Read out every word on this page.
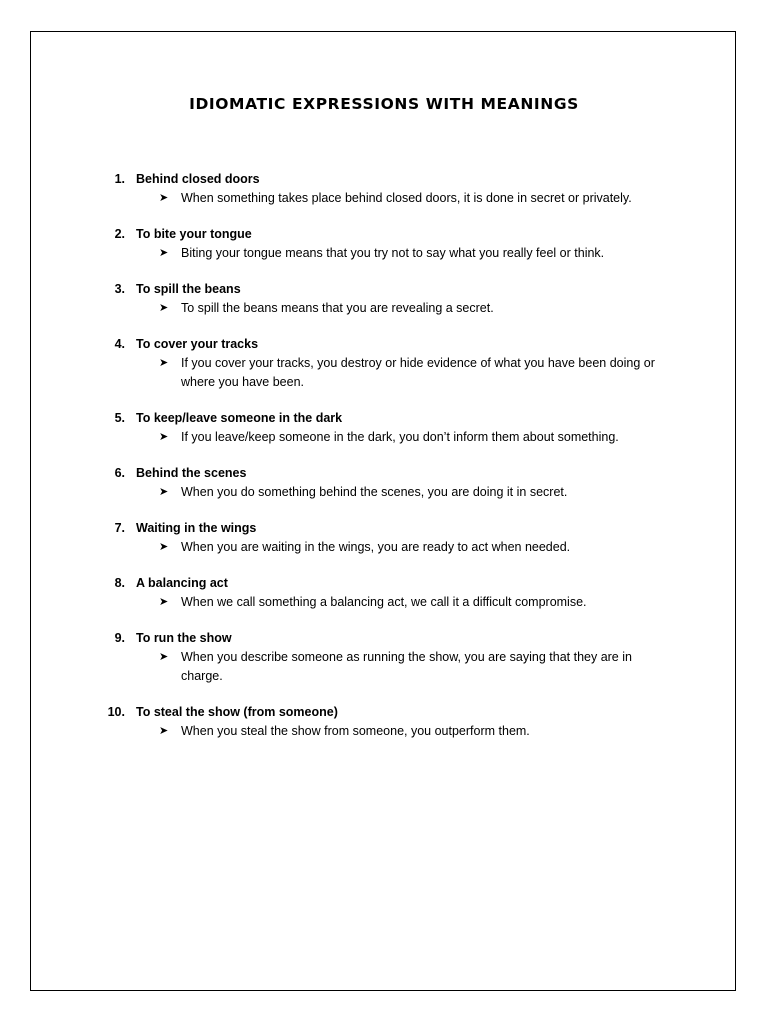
IDIOMATIC EXPRESSIONS WITH MEANINGS
1. Behind closed doors
➤ When something takes place behind closed doors, it is done in secret or privately.
2. To bite your tongue
➤ Biting your tongue means that you try not to say what you really feel or think.
3. To spill the beans
➤ To spill the beans means that you are revealing a secret.
4. To cover your tracks
➤ If you cover your tracks, you destroy or hide evidence of what you have been doing or where you have been.
5. To keep/leave someone in the dark
➤ If you leave/keep someone in the dark, you don’t inform them about something.
6. Behind the scenes
➤ When you do something behind the scenes, you are doing it in secret.
7. Waiting in the wings
➤ When you are waiting in the wings, you are ready to act when needed.
8. A balancing act
➤ When we call something a balancing act, we call it a difficult compromise.
9. To run the show
➤ When you describe someone as running the show, you are saying that they are in charge.
10. To steal the show (from someone)
➤ When you steal the show from someone, you outperform them.
